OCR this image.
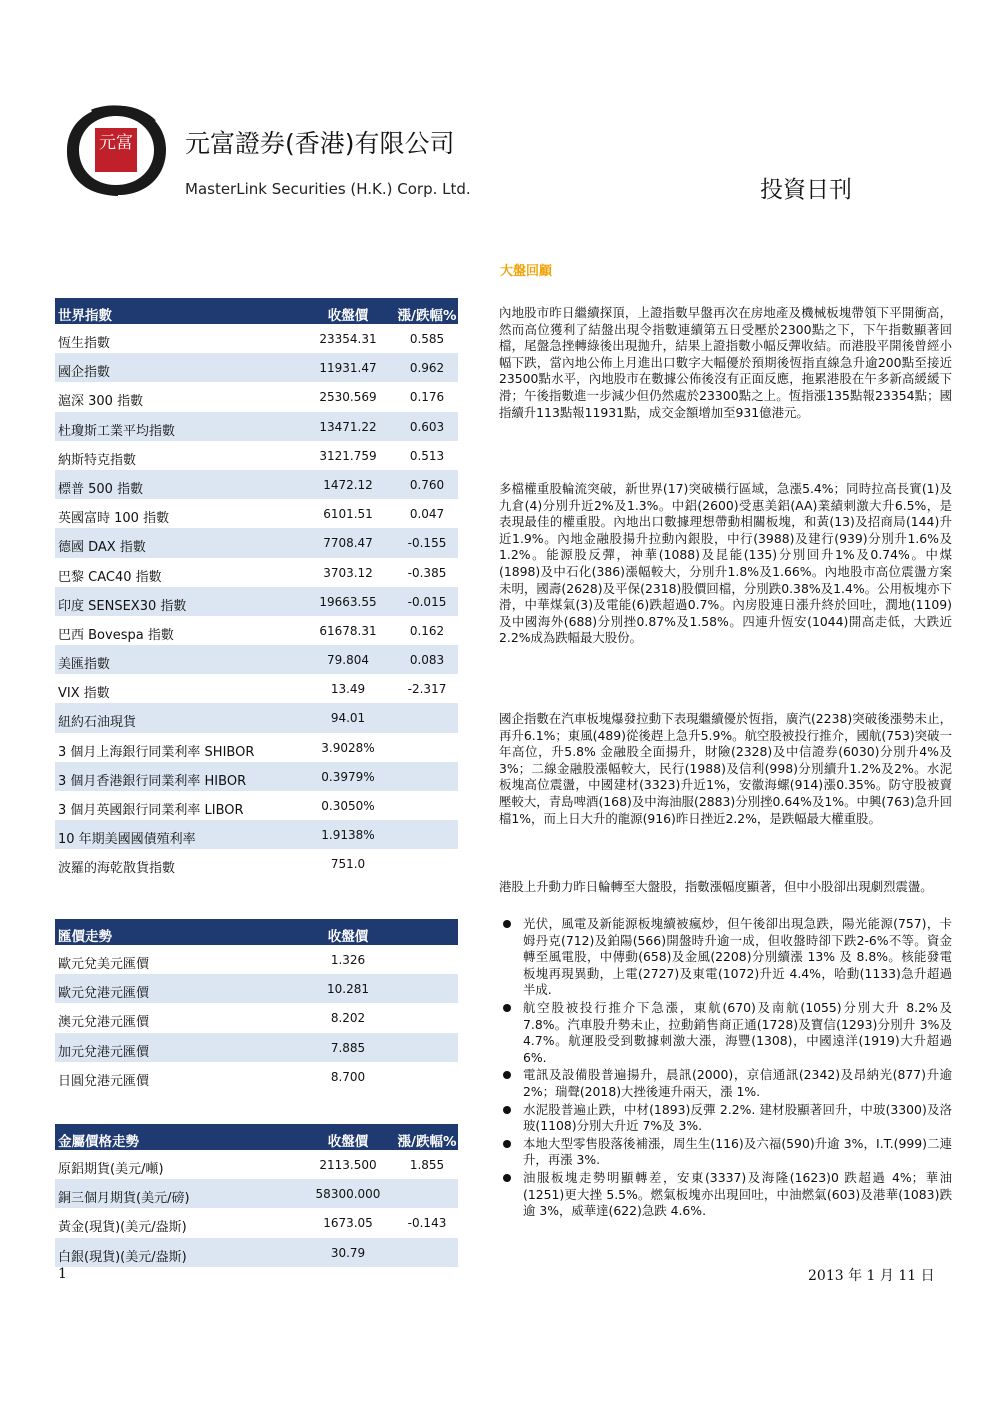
元富 元富證券(香港)有限公司
MasterLink Securities (H.K.) Corp. Ltd.	投資日刊
大盤回顧
世界指數	收盤價	漲/跌幅%
恆生指數	23354.31	0.585
國企指數	11931.47	0.962
滬深 300 指數	2530.569	0.176
杜瓊斯工業平均指數	13471.22	0.603
納斯特克指數	3121.759	0.513
標普 500 指數	1472.12	0.760
英國富時 100 指數	6101.51	0.047
德國 DAX 指數	7708.47	-0.155
巴黎 CAC40 指數	3703.12	-0.385
印度 SENSEX30 指數	19663.55	-0.015
巴西 Bovespa 指數	61678.31	0.162
美匯指數	79.804	0.083
VIX 指數	13.49	-2.317
紐約石油現貨	94.01
3 個月上海銀行同業利率 SHIBOR	3.9028%
3 個月香港銀行同業利率 HIBOR	0.3979%
3 個月英國銀行同業利率 LIBOR	0.3050%
10 年期美國國債殖利率	1.9138%
波羅的海乾散貨指數	751.0
匯價走勢	收盤價
歐元兌美元匯價	1.326
歐元兌港元匯價	10.281
澳元兌港元匯價	8.202
加元兌港元匯價	7.885
日圓兌港元匯價	8.700
金屬價格走勢	收盤價	漲/跌幅%
原鋁期貨(美元/噸)	2113.500	1.855
銅三個月期貨(美元/磅)	58300.000
黃金(現貨)(美元/盎斯)	1673.05	-0.143
白銀(現貨)(美元/盎斯)	30.79
內地股市昨日繼續探頂，上證指數早盤再次在房地產及機械板塊帶領下平開衝高，然而高位獲利了結盤出現令指數連續第五日受壓於2300點之下，下午指數顯著回檔，尾盤急挫轉綠後出現拋升，結果上證指數小幅反彈收結。而港股平開後曾經小幅下跌，當內地公佈上月進出口數字大幅優於預期後恆指直線急升逾200點至接近23500點水平，內地股市在數據公佈後沒有正面反應，拖累港股在午多新高緩緩下滑；午後指數進一步減少但仍然處於23300點之上。恆指漲135點報23354點；國指續升113點報11931點，成交金額增加至931億港元。
多檔權重股輪流突破，新世界(17)突破橫行區域，急漲5.4%；同時拉高長實(1)及九倉(4)分別升近2%及1.3%。中鋁(2600)受惠美鋁(AA)業績刺激大升6.5%，是表現最佳的權重股。內地出口數據理想帶動相關板塊，和黃(13)及招商局(144)升近1.9%。內地金融股揚升拉動內銀股，中行(3988)及建行(939)分別升1.6%及1.2%。能源股反彈，神華(1088)及昆能(135)分別回升1%及0.74%。中煤(1898)及中石化(386)漲幅較大，分別升1.8%及1.66%。內地股市高位震盪方案未明，國壽(2628)及平保(2318)股價回檔，分別跌0.38%及1.4%。公用板塊亦下滑，中華煤氣(3)及電能(6)跌超過0.7%。內房股連日漲升終於回吐，潤地(1109)及中國海外(688)分別挫0.87%及1.58%。四連升恆安(1044)開高走低，大跌近2.2%成為跌幅最大股份。
國企指數在汽車板塊爆發拉動下表現繼續優於恆指，廣汽(2238)突破後漲勢未止，再升6.1%；東風(489)從後趕上急升5.9%。航空股被投行推介，國航(753)突破一年高位，升5.8% 金融股全面揚升，財險(2328)及中信證券(6030)分別升4%及3%；二線金融股漲幅較大，民行(1988)及信利(998)分別續升1.2%及2%。水泥板塊高位震盪，中國建材(3323)升近1%，安徽海螺(914)漲0.35%。防守股被賣壓較大，青島啤酒(168)及中海油服(2883)分別挫0.64%及1%。中興(763)急升回檔1%，而上日大升的龍源(916)昨日挫近2.2%，是跌幅最大權重股。
港股上升動力昨日輪轉至大盤股，指數漲幅度顯著，但中小股卻出現劇烈震盪。
光伏，風電及新能源板塊續被瘋炒，但午後卻出現急跌，陽光能源(757)，卡姆丹克(712)及鉑陽(566)開盤時升逾一成，但收盤時卻下跌2-6%不等。資金轉至風電股，中傳動(658)及金風(2208)分別續漲 13% 及 8.8%。核能發電板塊再現異動，上電(2727)及東電(1072)升近 4.4%，哈動(1133)急升超過半成.
航空股被投行推介下急漲，東航(670)及南航(1055)分別大升 8.2%及 7.8%。汽車股升勢未止，拉動銷售商正通(1728)及寶信(1293)分別升 3%及 4.7%。航運股受到數據刺激大漲，海豐(1308)，中國遠洋(1919)大升超過 6%.
電訊及設備股普遍揚升，晨訊(2000)，京信通訊(2342)及昂納光(877)升逾 2%；瑞聲(2018)大挫後連升兩天，漲 1%.
水泥股普遍止跌，中材(1893)反彈 2.2%. 建材股顯著回升，中玻(3300)及洛玻(1108)分別大升近 7%及 3%.
本地大型零售股落後補漲，周生生(116)及六福(590)升逾 3%，I.T.(999)二連升，再漲 3%.
油服板塊走勢明顯轉差，安東(3337)及海隆(1623)0 跌超過 4%；華油(1251)更大挫 5.5%。燃氣板塊亦出現回吐，中油燃氣(603)及港華(1083)跌逾 3%，威華達(622)急跌 4.6%.
1	2013 年 1 月 11 日
